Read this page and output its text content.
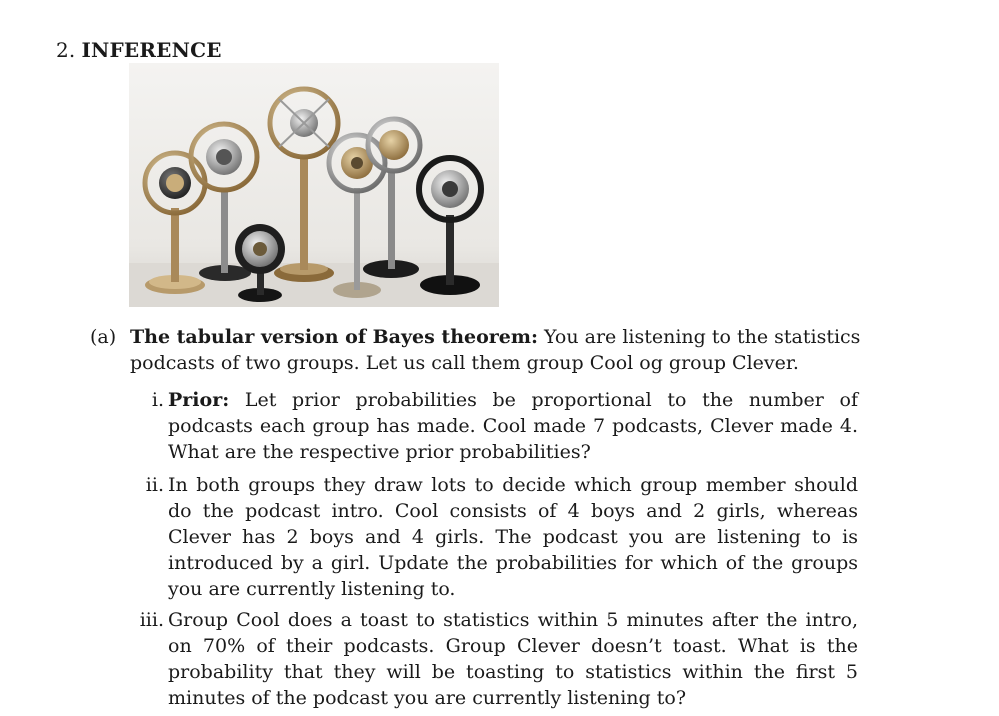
2. INFERENCE
(a) The tabular version of Bayes theorem: You are listening to the statistics podcasts of two groups. Let us call them group Cool og group Clever.
i. Prior: Let prior probabilities be proportional to the number of podcasts each group has made. Cool made 7 podcasts, Clever made 4. What are the respective prior probabilities?
ii. In both groups they draw lots to decide which group member should do the podcast intro. Cool consists of 4 boys and 2 girls, whereas Clever has 2 boys and 4 girls. The podcast you are listening to is introduced by a girl. Update the probabilities for which of the groups you are currently listening to.
iii. Group Cool does a toast to statistics within 5 minutes after the intro, on 70% of their podcasts. Group Clever doesn’t toast. What is the probability that they will be toasting to statistics within the first 5 minutes of the podcast you are currently listening to?
